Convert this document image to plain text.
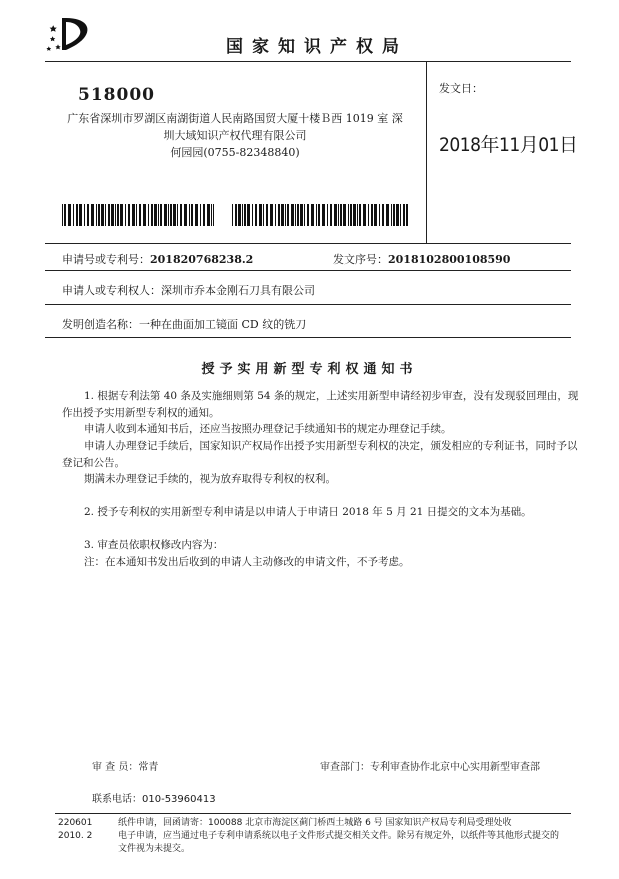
国家知识产权局
518000
广东省深圳市罗湖区南湖街道人民南路国贸大厦十楼Ｂ西 1019 室 深
圳大域知识产权代理有限公司
何园园(0755-82348840)
发文日：
2018年11月01日
申请号或专利号：201820768238.2	发文序号：2018102800108590
申请人或专利权人：深圳市乔本金刚石刀具有限公司
发明创造名称：一种在曲面加工镜面 CD 纹的铣刀
授予实用新型专利权通知书
1. 根据专利法第 40 条及实施细则第 54 条的规定，上述实用新型申请经初步审查，没有发现驳回理由，现作出授予实用新型专利权的通知。
申请人收到本通知书后，还应当按照办理登记手续通知书的规定办理登记手续。
申请人办理登记手续后，国家知识产权局作出授予实用新型专利权的决定，颁发相应的专利证书，同时予以登记和公告。
期满未办理登记手续的，视为放弃取得专利权的权利。
2. 授予专利权的实用新型专利申请是以申请人于申请日 2018 年 5 月 21 日提交的文本为基础。
3. 审查员依职权修改内容为：
注：在本通知书发出后收到的申请人主动修改的申请文件，不予考虑。
审 查 员：常青	审查部门：专利审查协作北京中心实用新型审查部
联系电话：010-53960413
220601
2010. 2
纸件申请，回函请寄：100088 北京市海淀区蓟门桥西土城路 6 号 国家知识产权局专利局受理处收
电子申请，应当通过电子专利申请系统以电子文件形式提交相关文件。除另有规定外，以纸件等其他形式提交的
文件视为未提交。
